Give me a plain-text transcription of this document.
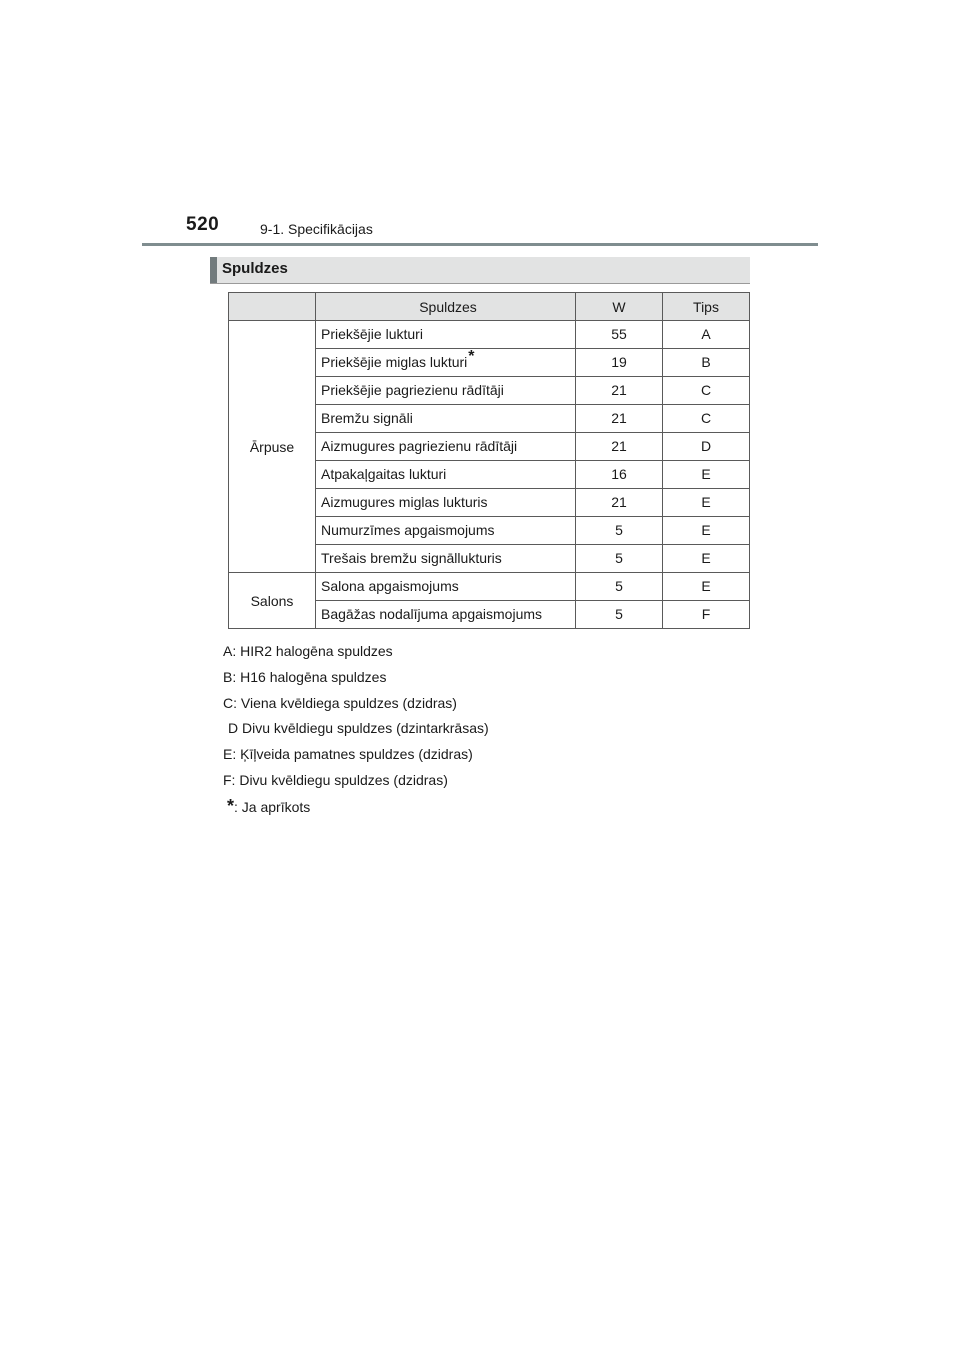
520	9-1. Specifikācijas
Spuldzes
	Spuldzes	W	Tips
Ārpuse	Priekšējie lukturi	55	A
	Priekšējie miglas lukturi*	19	B
	Priekšējie pagriezienu rādītāji	21	C
	Bremžu signāli	21	C
	Aizmugures pagriezienu rādītāji	21	D
	Atpakaļgaitas lukturi	16	E
	Aizmugures miglas lukturis	21	E
	Numurzīmes apgaismojums	5	E
	Trešais bremžu signāllukturis	5	E
Salons	Salona apgaismojums	5	E
	Bagāžas nodalījuma apgaismojums	5	F
A: HIR2 halogēna spuldzes
B: H16 halogēna spuldzes
C: Viena kvēldiega spuldzes (dzidras)
D Divu kvēldiegu spuldzes (dzintarkrāsas)
E: Ķīļveida pamatnes spuldzes (dzidras)
F: Divu kvēldiegu spuldzes (dzidras)
*: Ja aprīkots
